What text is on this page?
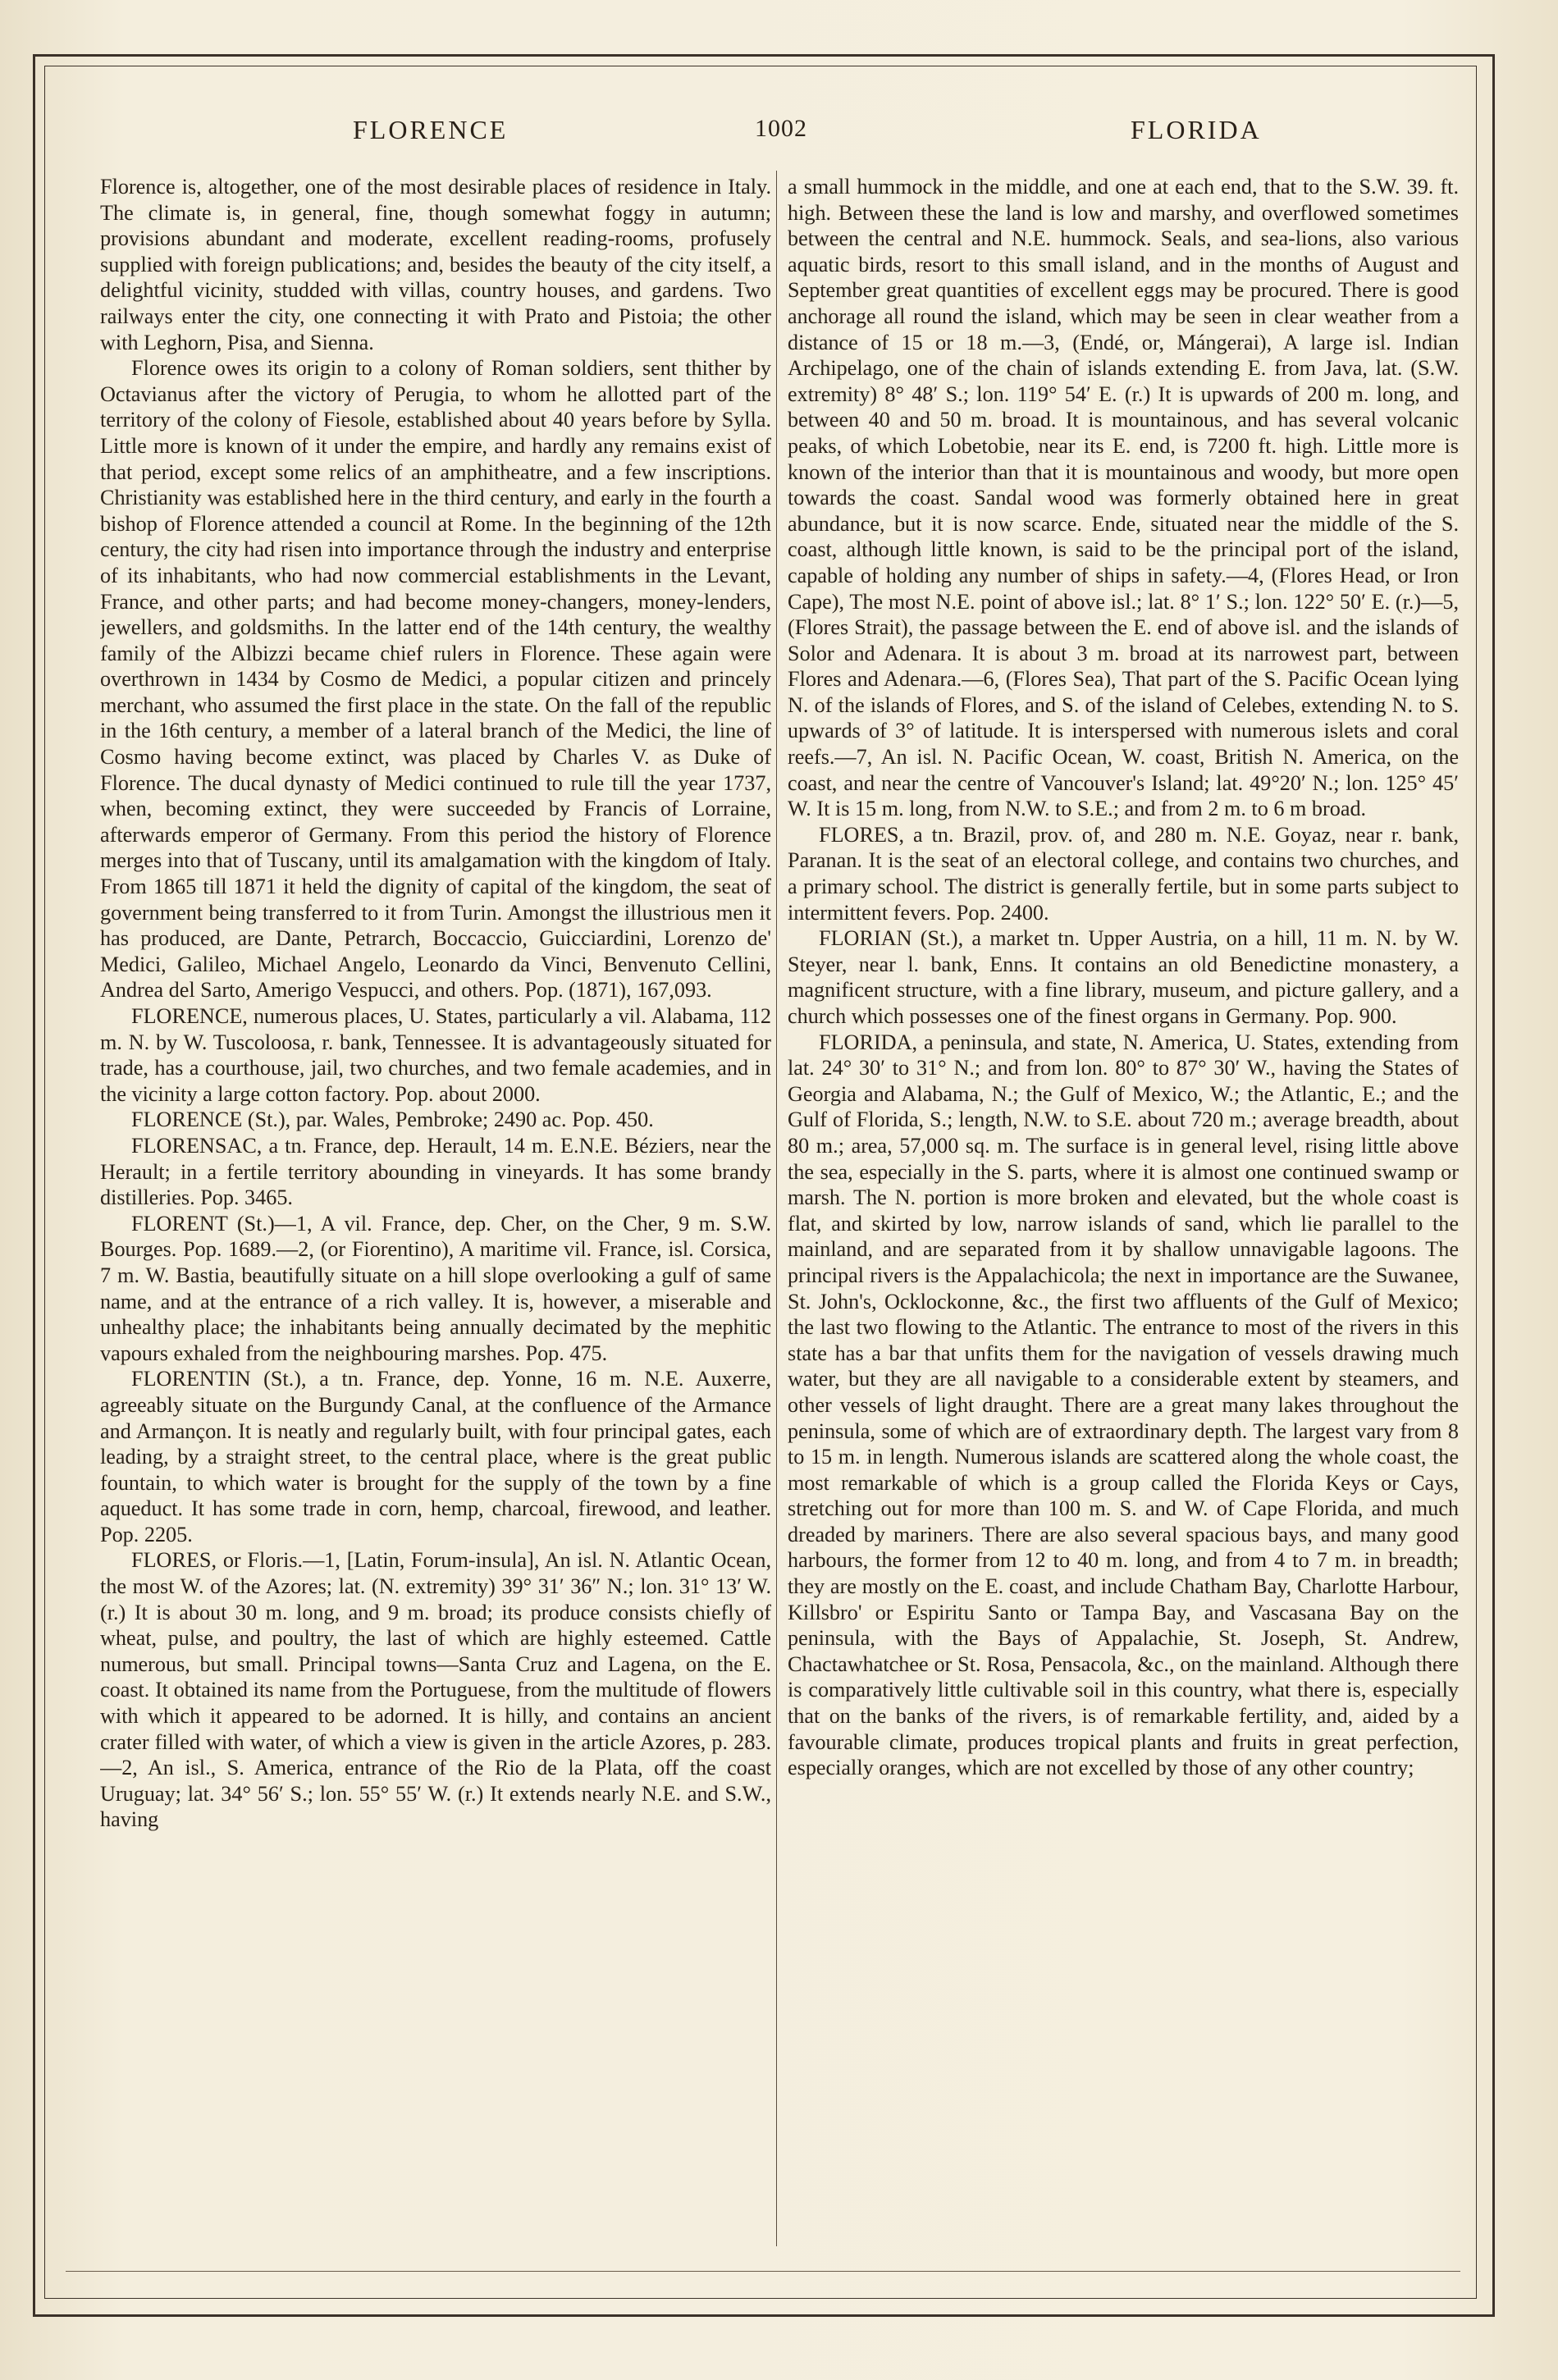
FLORENCE	1002	FLORIDA

Florence is, altogether, one of the most desirable places of residence in Italy. The climate is, in general, fine, though somewhat foggy in autumn; provisions abundant and moderate, excellent reading-rooms, profusely supplied with foreign publications; and, besides the beauty of the city itself, a delightful vicinity, studded with villas, country houses, and gardens. Two railways enter the city, one connecting it with Prato and Pistoia; the other with Leghorn, Pisa, and Sienna.

Florence owes its origin to a colony of Roman soldiers, sent thither by Octavianus after the victory of Perugia, to whom he allotted part of the territory of the colony of Fiesole, established about 40 years before by Sylla. Little more is known of it under the empire, and hardly any remains exist of that period, except some relics of an amphitheatre, and a few inscriptions. Christianity was established here in the third century, and early in the fourth a bishop of Florence attended a council at Rome. In the beginning of the 12th century, the city had risen into importance through the industry and enterprise of its inhabitants, who had now commercial establishments in the Levant, France, and other parts; and had become money-changers, money-lenders, jewellers, and goldsmiths. In the latter end of the 14th century, the wealthy family of the Albizzi became chief rulers in Florence. These again were overthrown in 1434 by Cosmo de Medici, a popular citizen and princely merchant, who assumed the first place in the state. On the fall of the republic in the 16th century, a member of a lateral branch of the Medici, the line of Cosmo having become extinct, was placed by Charles V. as Duke of Florence. The ducal dynasty of Medici continued to rule till the year 1737, when, becoming extinct, they were succeeded by Francis of Lorraine, afterwards emperor of Germany. From this period the history of Florence merges into that of Tuscany, until its amalgamation with the kingdom of Italy. From 1865 till 1871 it held the dignity of capital of the kingdom, the seat of government being transferred to it from Turin. Amongst the illustrious men it has produced, are Dante, Petrarch, Boccaccio, Guicciardini, Lorenzo de' Medici, Galileo, Michael Angelo, Leonardo da Vinci, Benvenuto Cellini, Andrea del Sarto, Amerigo Vespucci, and others. Pop. (1871), 167,093.

FLORENCE, numerous places, U. States, particularly a vil. Alabama, 112 m. N. by W. Tuscoloosa, r. bank, Tennessee. It is advantageously situated for trade, has a courthouse, jail, two churches, and two female academies, and in the vicinity a large cotton factory. Pop. about 2000.

FLORENCE (St.), par. Wales, Pembroke; 2490 ac. Pop. 450.

FLORENSAC, a tn. France, dep. Herault, 14 m. E.N.E. Béziers, near the Herault; in a fertile territory abounding in vineyards. It has some brandy distilleries. Pop. 3465.

FLORENT (St.)—1, A vil. France, dep. Cher, on the Cher, 9 m. S.W. Bourges. Pop. 1689.—2, (or Fiorentino), A maritime vil. France, isl. Corsica, 7 m. W. Bastia, beautifully situate on a hill slope overlooking a gulf of same name, and at the entrance of a rich valley. It is, however, a miserable and unhealthy place; the inhabitants being annually decimated by the mephitic vapours exhaled from the neighbouring marshes. Pop. 475.

FLORENTIN (St.), a tn. France, dep. Yonne, 16 m. N.E. Auxerre, agreeably situate on the Burgundy Canal, at the confluence of the Armance and Armançon. It is neatly and regularly built, with four principal gates, each leading, by a straight street, to the central place, where is the great public fountain, to which water is brought for the supply of the town by a fine aqueduct. It has some trade in corn, hemp, charcoal, firewood, and leather. Pop. 2205.

FLORES, or Floris.—1, [Latin, Forum-insula], An isl. N. Atlantic Ocean, the most W. of the Azores; lat. (N. extremity) 39° 31′ 36″ N.; lon. 31° 13′ W. (r.) It is about 30 m. long, and 9 m. broad; its produce consists chiefly of wheat, pulse, and poultry, the last of which are highly esteemed. Cattle numerous, but small. Principal towns—Santa Cruz and Lagena, on the E. coast. It obtained its name from the Portuguese, from the multitude of flowers with which it appeared to be adorned. It is hilly, and contains an ancient crater filled with water, of which a view is given in the article Azores, p. 283.—2, An isl., S. America, entrance of the Rio de la Plata, off the coast Uruguay; lat. 34° 56′ S.; lon. 55° 55′ W. (r.) It extends nearly N.E. and S.W., having

a small hummock in the middle, and one at each end, that to the S.W. 39. ft. high. Between these the land is low and marshy, and overflowed sometimes between the central and N.E. hummock. Seals, and sea-lions, also various aquatic birds, resort to this small island, and in the months of August and September great quantities of excellent eggs may be procured. There is good anchorage all round the island, which may be seen in clear weather from a distance of 15 or 18 m.—3, (Endé, or, Mángerai), A large isl. Indian Archipelago, one of the chain of islands extending E. from Java, lat. (S.W. extremity) 8° 48′ S.; lon. 119° 54′ E. (r.) It is upwards of 200 m. long, and between 40 and 50 m. broad. It is mountainous, and has several volcanic peaks, of which Lobetobie, near its E. end, is 7200 ft. high. Little more is known of the interior than that it is mountainous and woody, but more open towards the coast. Sandal wood was formerly obtained here in great abundance, but it is now scarce. Ende, situated near the middle of the S. coast, although little known, is said to be the principal port of the island, capable of holding any number of ships in safety.—4, (Flores Head, or Iron Cape), The most N.E. point of above isl.; lat. 8° 1′ S.; lon. 122° 50′ E. (r.)—5, (Flores Strait), the passage between the E. end of above isl. and the islands of Solor and Adenara. It is about 3 m. broad at its narrowest part, between Flores and Adenara.—6, (Flores Sea), That part of the S. Pacific Ocean lying N. of the islands of Flores, and S. of the island of Celebes, extending N. to S. upwards of 3° of latitude. It is interspersed with numerous islets and coral reefs.—7, An isl. N. Pacific Ocean, W. coast, British N. America, on the coast, and near the centre of Vancouver's Island; lat. 49°20′ N.; lon. 125° 45′ W. It is 15 m. long, from N.W. to S.E.; and from 2 m. to 6 m broad.

FLORES, a tn. Brazil, prov. of, and 280 m. N.E. Goyaz, near r. bank, Paranan. It is the seat of an electoral college, and contains two churches, and a primary school. The district is generally fertile, but in some parts subject to intermittent fevers. Pop. 2400.

FLORIAN (St.), a market tn. Upper Austria, on a hill, 11 m. N. by W. Steyer, near l. bank, Enns. It contains an old Benedictine monastery, a magnificent structure, with a fine library, museum, and picture gallery, and a church which possesses one of the finest organs in Germany. Pop. 900.

FLORIDA, a peninsula, and state, N. America, U. States, extending from lat. 24° 30′ to 31° N.; and from lon. 80° to 87° 30′ W., having the States of Georgia and Alabama, N.; the Gulf of Mexico, W.; the Atlantic, E.; and the Gulf of Florida, S.; length, N.W. to S.E. about 720 m.; average breadth, about 80 m.; area, 57,000 sq. m. The surface is in general level, rising little above the sea, especially in the S. parts, where it is almost one continued swamp or marsh. The N. portion is more broken and elevated, but the whole coast is flat, and skirted by low, narrow islands of sand, which lie parallel to the mainland, and are separated from it by shallow unnavigable lagoons. The principal rivers is the Appalachicola; the next in importance are the Suwanee, St. John's, Ocklockonne, &c., the first two affluents of the Gulf of Mexico; the last two flowing to the Atlantic. The entrance to most of the rivers in this state has a bar that unfits them for the navigation of vessels drawing much water, but they are all navigable to a considerable extent by steamers, and other vessels of light draught. There are a great many lakes throughout the peninsula, some of which are of extraordinary depth. The largest vary from 8 to 15 m. in length. Numerous islands are scattered along the whole coast, the most remarkable of which is a group called the Florida Keys or Cays, stretching out for more than 100 m. S. and W. of Cape Florida, and much dreaded by mariners. There are also several spacious bays, and many good harbours, the former from 12 to 40 m. long, and from 4 to 7 m. in breadth; they are mostly on the E. coast, and include Chatham Bay, Charlotte Harbour, Killsbro' or Espiritu Santo or Tampa Bay, and Vascasana Bay on the peninsula, with the Bays of Appalachie, St. Joseph, St. Andrew, Chactawhatchee or St. Rosa, Pensacola, &c., on the mainland. Although there is comparatively little cultivable soil in this country, what there is, especially that on the banks of the rivers, is of remarkable fertility, and, aided by a favourable climate, produces tropical plants and fruits in great perfection, especially oranges, which are not excelled by those of any other country;
